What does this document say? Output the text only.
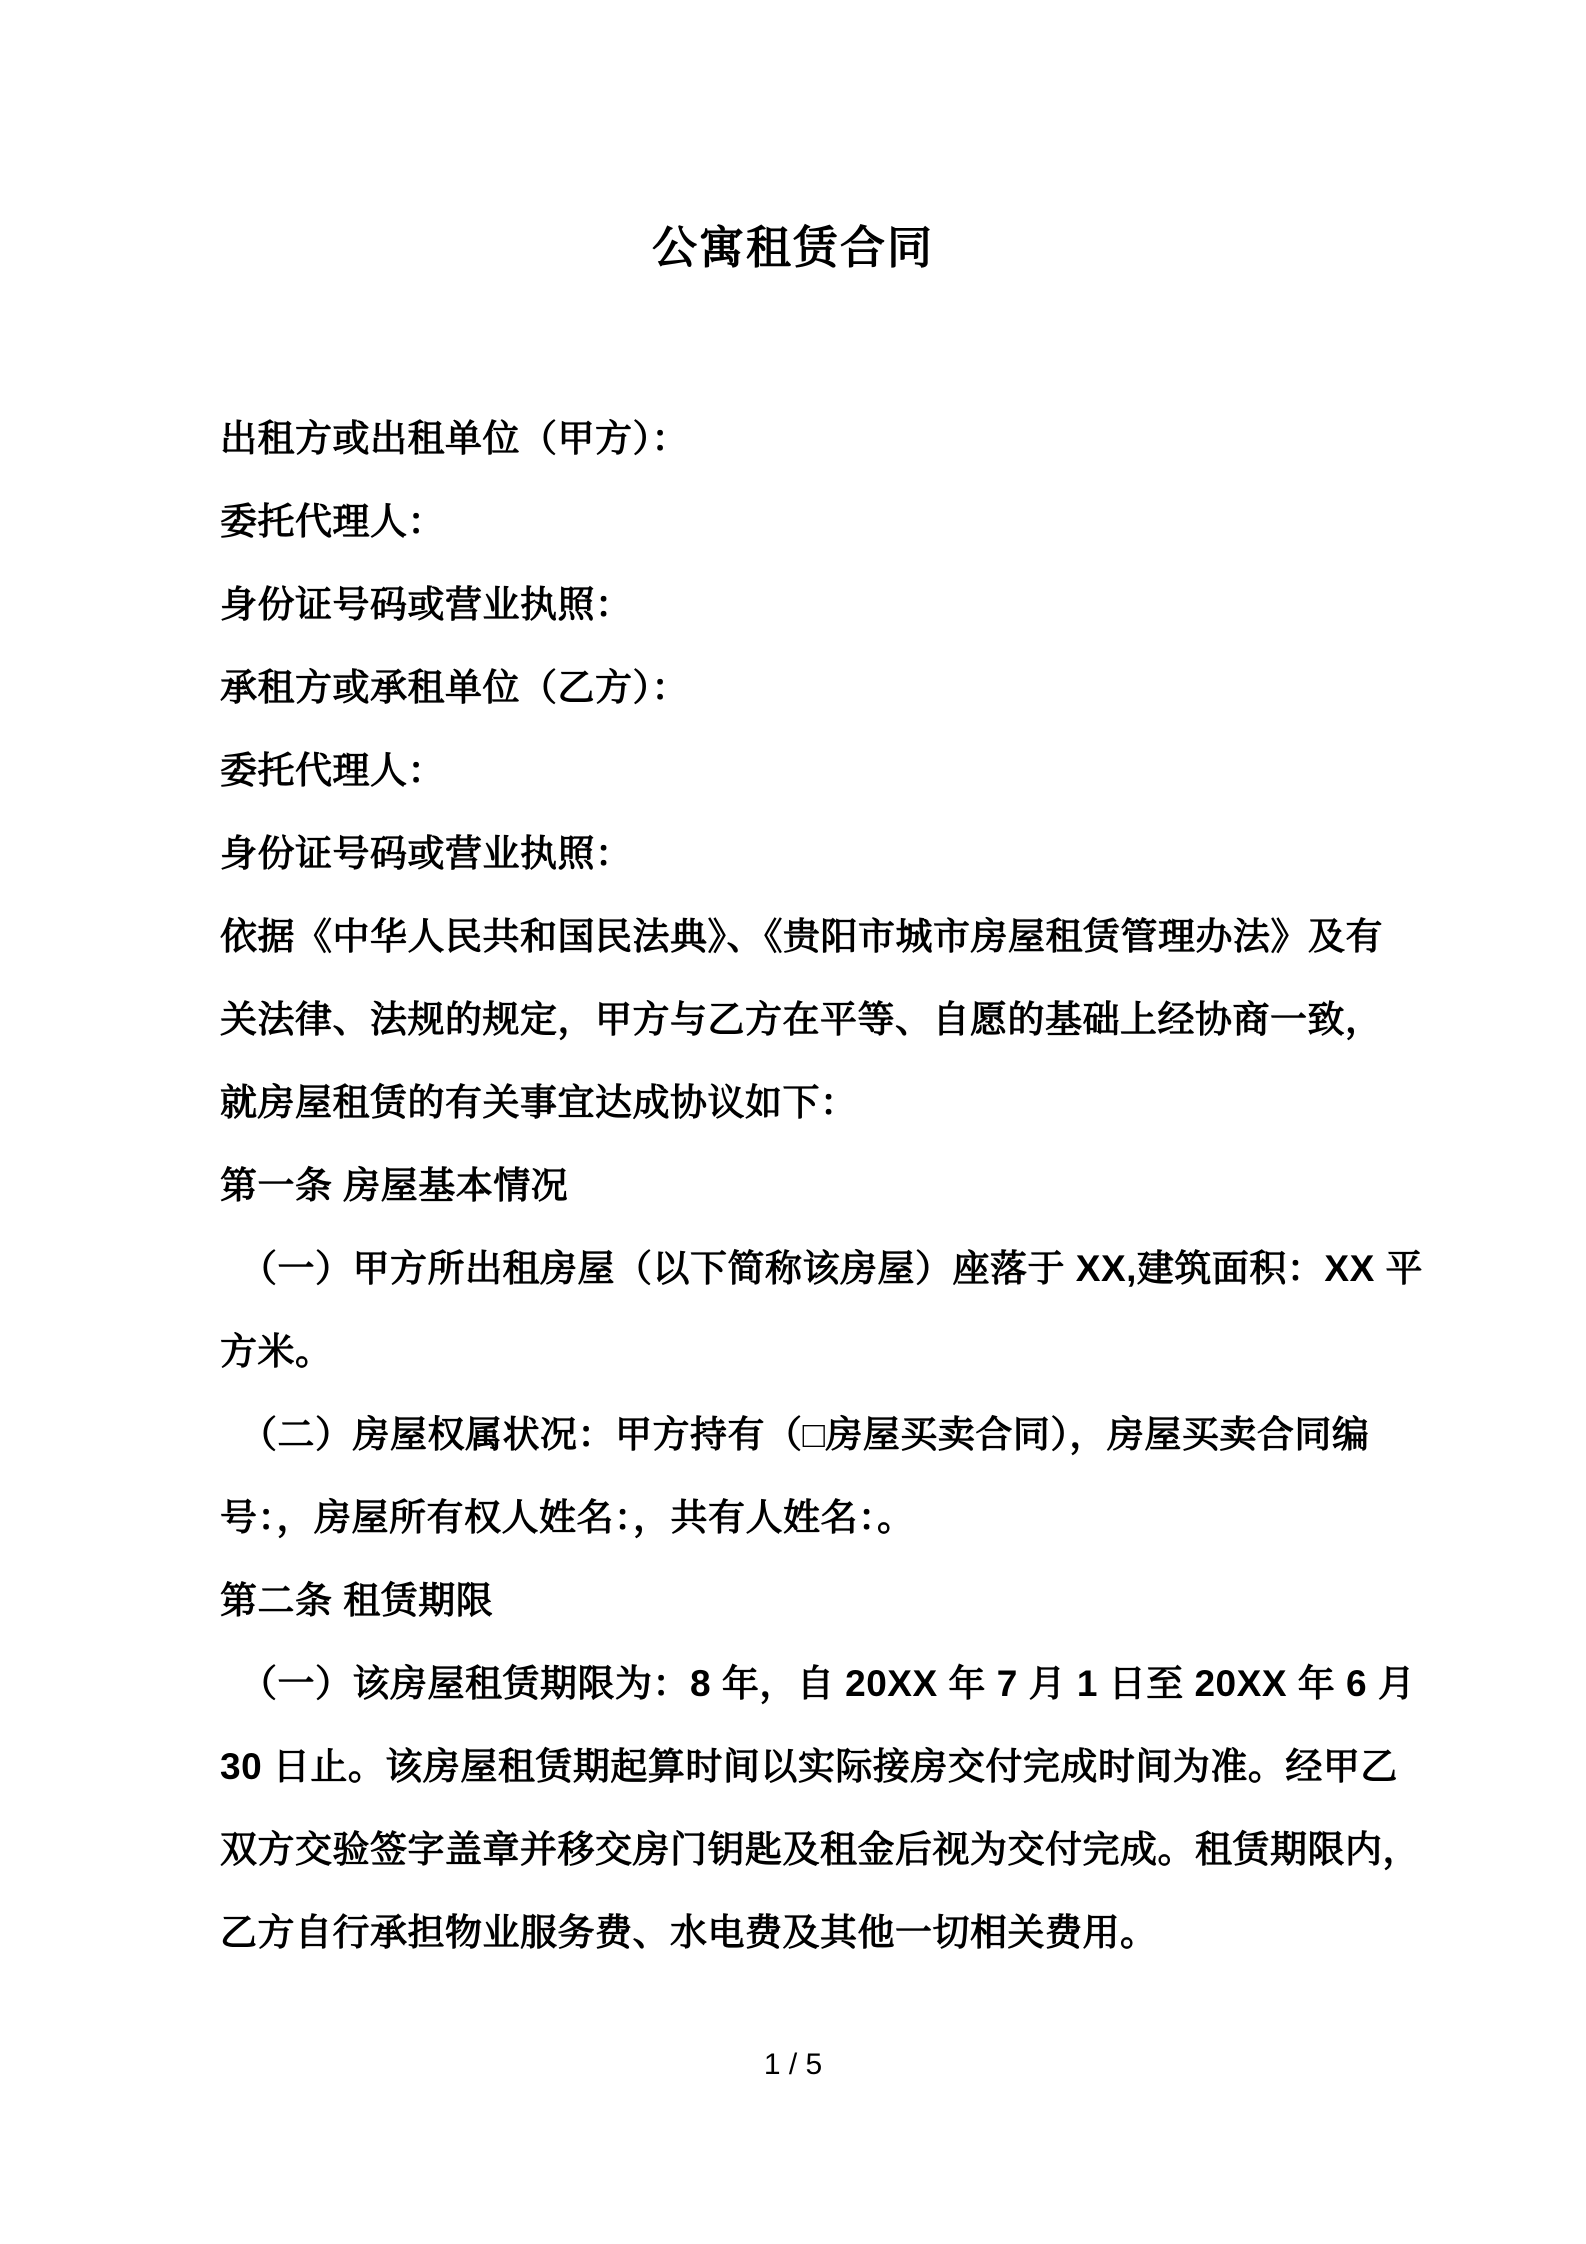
公寓租赁合同
出租方或出租单位（甲方）：
委托代理人：
身份证号码或营业执照：
承租方或承租单位（乙方）：
委托代理人：
身份证号码或营业执照：
依据《中华人民共和国民法典》、《贵阳市城市房屋租赁管理办法》及有
关法律、法规的规定，甲方与乙方在平等、自愿的基础上经协商一致，
就房屋租赁的有关事宜达成协议如下：
第一条 房屋基本情况
（一）甲方所出租房屋（以下简称该房屋）座落于 XX,建筑面积：XX 平
方米。
（二）房屋权属状况：甲方持有（□房屋买卖合同），房屋买卖合同编
号：，房屋所有权人姓名：，共有人姓名：。
第二条 租赁期限
（一）该房屋租赁期限为：8 年，自 20XX 年 7 月 1 日至 20XX 年 6 月
30 日止。该房屋租赁期起算时间以实际接房交付完成时间为准。经甲乙
双方交验签字盖章并移交房门钥匙及租金后视为交付完成。租赁期限内，
乙方自行承担物业服务费、水电费及其他一切相关费用。
1 / 5
